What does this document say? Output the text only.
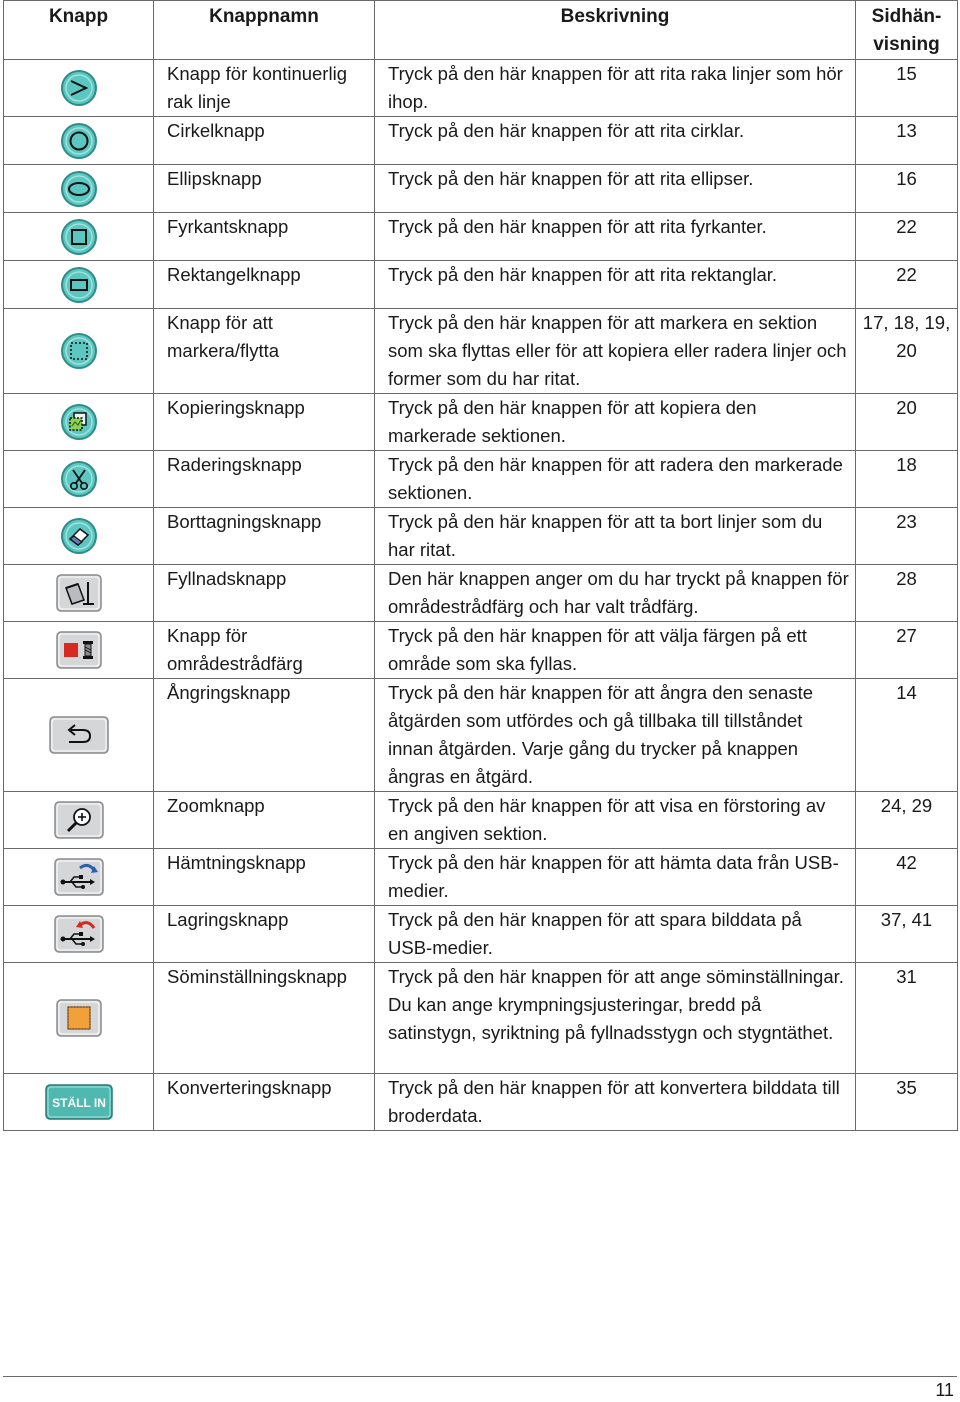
Knapp	Knappnamn	Beskrivning	Sidhän-
visning
	Knapp för kontinuerlig rak linje	Tryck på den här knappen för att rita raka linjer som hör ihop.	15
	Cirkelknapp	Tryck på den här knappen för att rita cirklar.	13
	Ellipsknapp	Tryck på den här knappen för att rita ellipser.	16
	Fyrkantsknapp	Tryck på den här knappen för att rita fyrkanter.	22
	Rektangelknapp	Tryck på den här knappen för att rita rektanglar.	22
	Knapp för att markera/flytta	Tryck på den här knappen för att markera en sektion som ska flyttas eller för att kopiera eller radera linjer och former som du har ritat.	17, 18, 19, 20
	Kopieringsknapp	Tryck på den här knappen för att kopiera den markerade sektionen.	20
	Raderingsknapp	Tryck på den här knappen för att radera den markerade sektionen.	18
	Borttagningsknapp	Tryck på den här knappen för att ta bort linjer som du har ritat.	23
	Fyllnadsknapp	Den här knappen anger om du har tryckt på knappen för områdestrådfärg och har valt trådfärg.	28
	Knapp för områdestrådfärg	Tryck på den här knappen för att välja färgen på ett område som ska fyllas.	27
	Ångringsknapp	Tryck på den här knappen för att ångra den senaste åtgärden som utfördes och gå tillbaka till tillståndet innan åtgärden. Varje gång du trycker på knappen ångras en åtgärd.	14
	Zoomknapp	Tryck på den här knappen för att visa en förstoring av en angiven sektion.	24, 29
	Hämtningsknapp	Tryck på den här knappen för att hämta data från USB-medier.	42
	Lagringsknapp	Tryck på den här knappen för att spara bilddata på USB-medier.	37, 41
	Söminställningsknapp	Tryck på den här knappen för att ange söminställningar. Du kan ange krympningsjusteringar, bredd på satinstygn, syriktning på fyllnadsstygn och stygntäthet.	31

STÄLL IN	Konverteringsknapp	Tryck på den här knappen för att konvertera bilddata till broderdata.	35
11
